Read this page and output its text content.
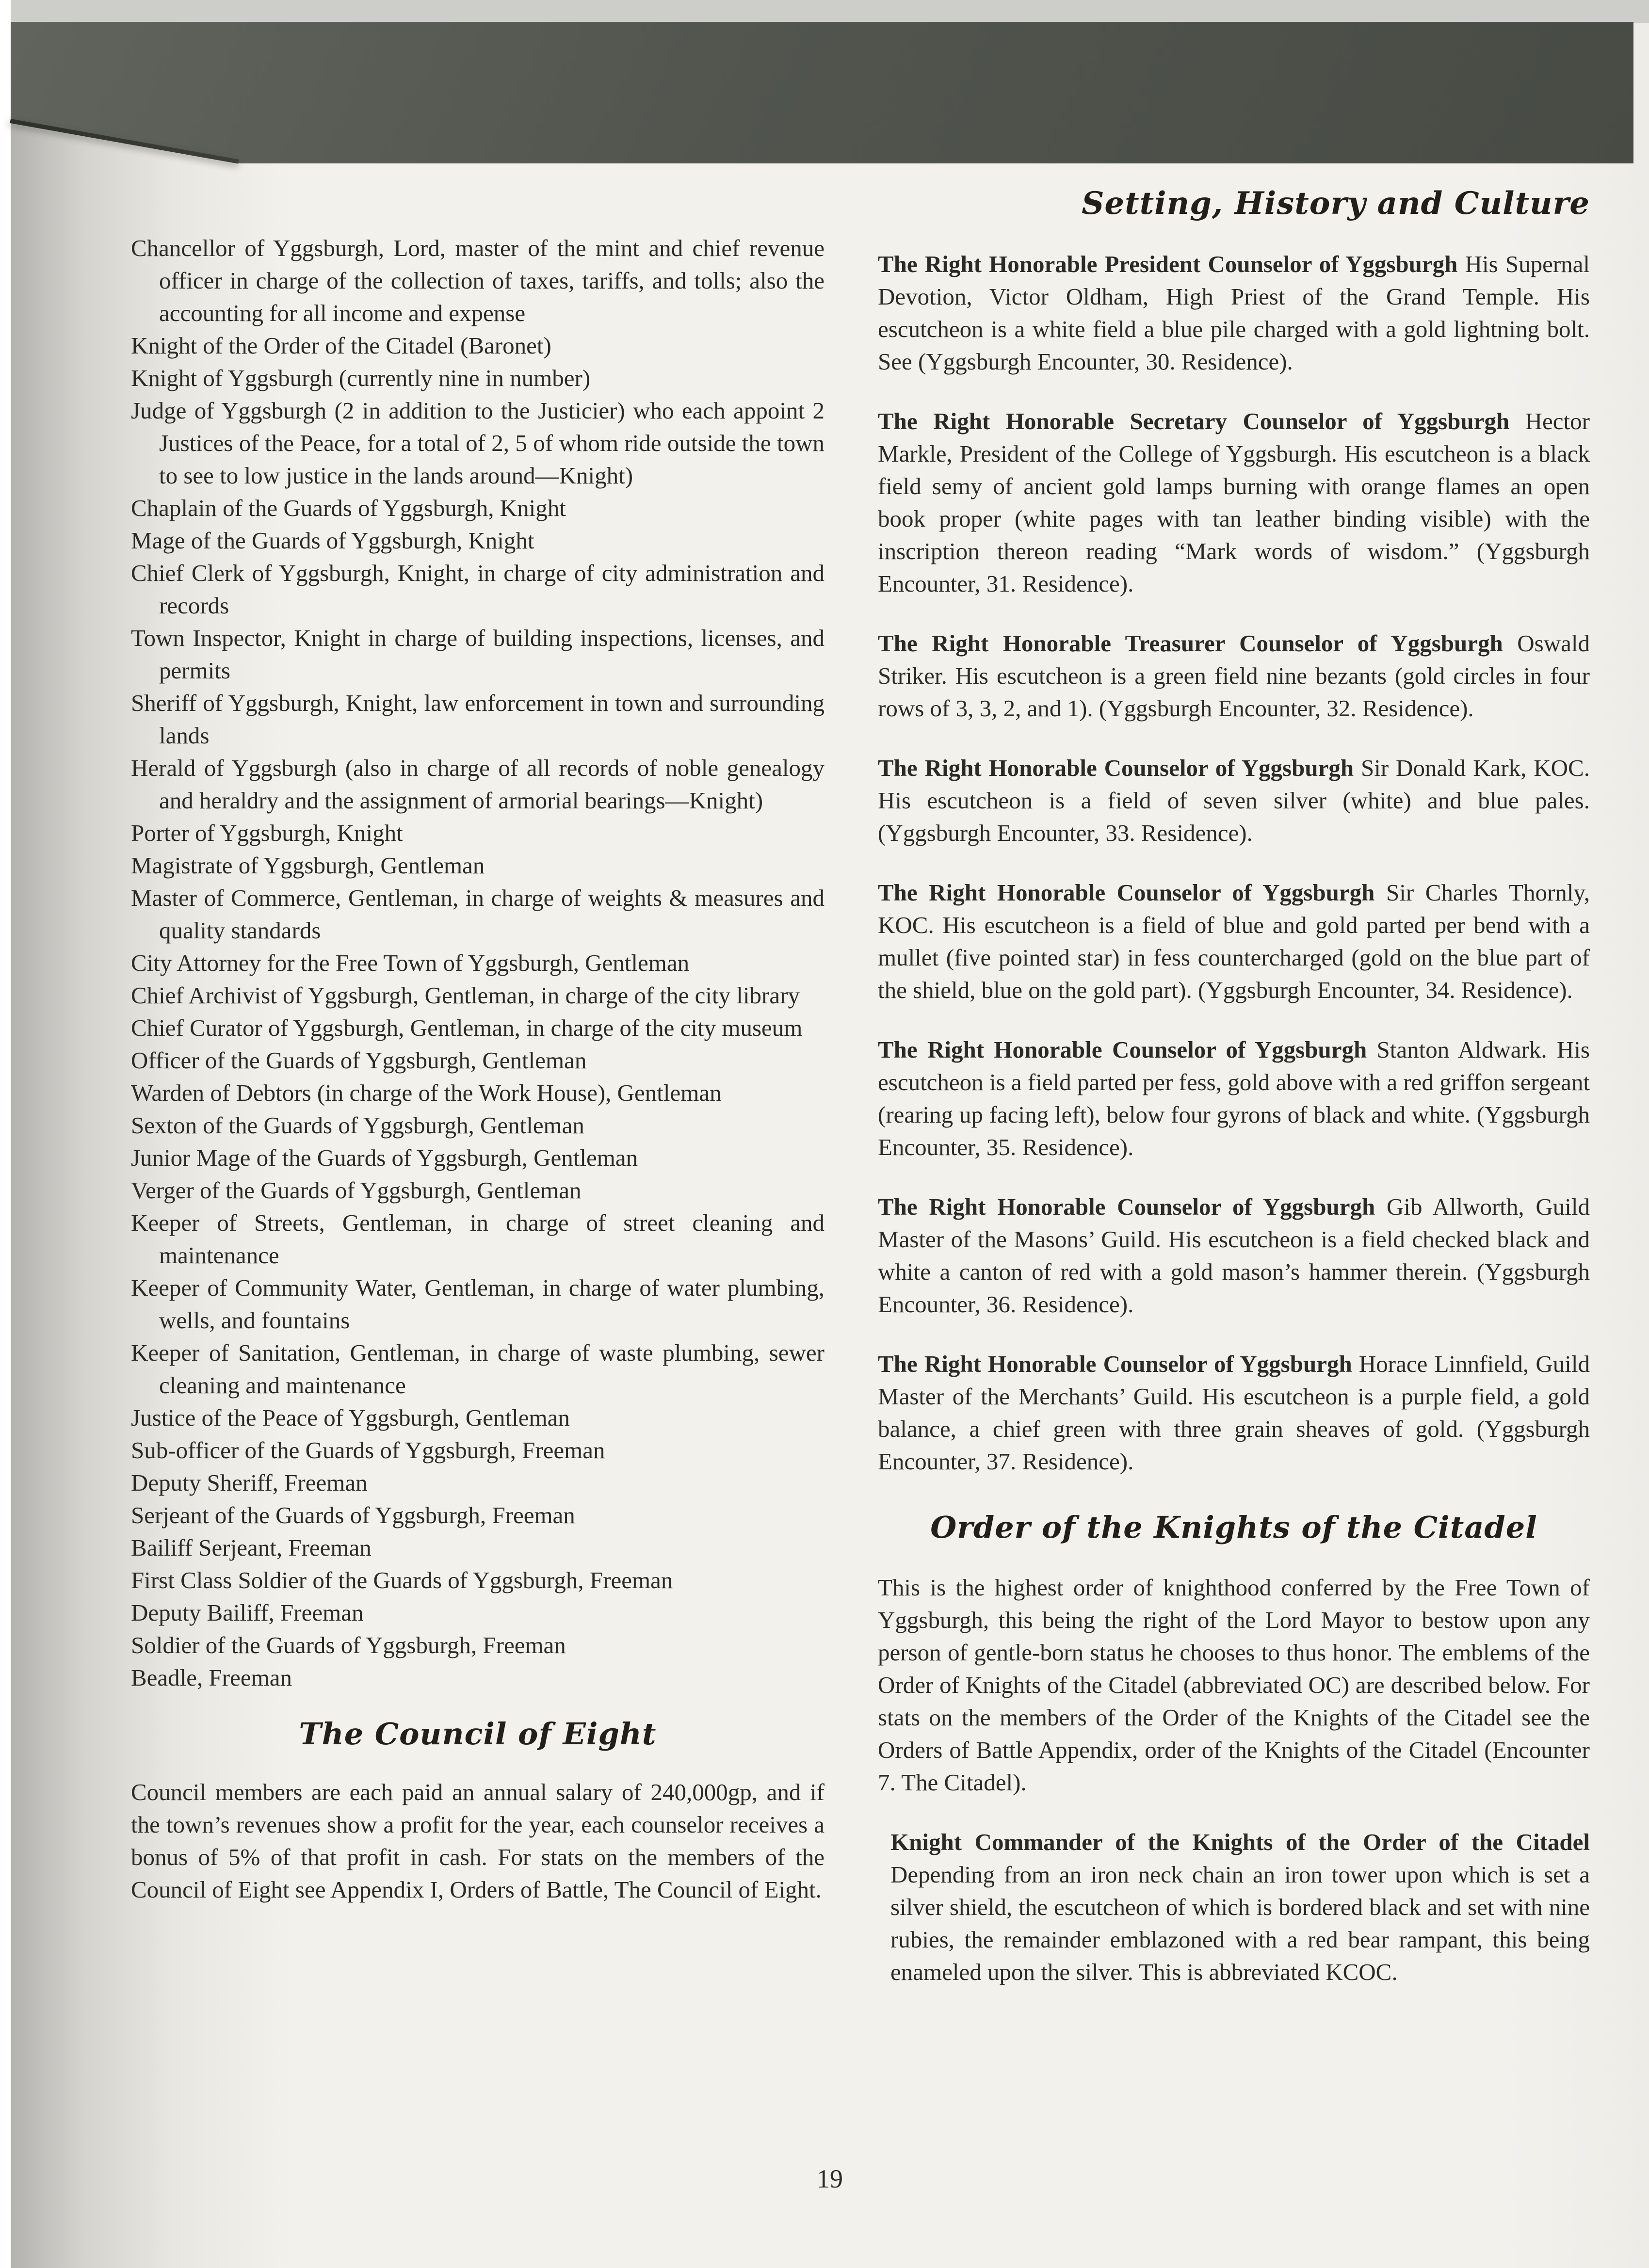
Chancellor of Yggsburgh, Lord, master of the mint and chief revenue officer in charge of the collection of taxes, tariffs, and tolls; also the accounting for all income and expense
Knight of the Order of the Citadel (Baronet)
Knight of Yggsburgh (currently nine in number)
Judge of Yggsburgh (2 in addition to the Justicier) who each appoint 2 Justices of the Peace, for a total of 2, 5 of whom ride outside the town to see to low justice in the lands around—Knight)
Chaplain of the Guards of Yggsburgh, Knight
Mage of the Guards of Yggsburgh, Knight
Chief Clerk of Yggsburgh, Knight, in charge of city administration and records
Town Inspector, Knight in charge of building inspections, licenses, and permits
Sheriff of Yggsburgh, Knight, law enforcement in town and surrounding lands
Herald of Yggsburgh (also in charge of all records of noble genealogy and heraldry and the assignment of armorial bearings—Knight)
Porter of Yggsburgh, Knight
Magistrate of Yggsburgh, Gentleman
Master of Commerce, Gentleman, in charge of weights & measures and quality standards
City Attorney for the Free Town of Yggsburgh, Gentleman
Chief Archivist of Yggsburgh, Gentleman, in charge of the city library
Chief Curator of Yggsburgh, Gentleman, in charge of the city museum
Officer of the Guards of Yggsburgh, Gentleman
Warden of Debtors (in charge of the Work House), Gentleman
Sexton of the Guards of Yggsburgh, Gentleman
Junior Mage of the Guards of Yggsburgh, Gentleman
Verger of the Guards of Yggsburgh, Gentleman
Keeper of Streets, Gentleman, in charge of street cleaning and maintenance
Keeper of Community Water, Gentleman, in charge of water plumbing, wells, and fountains
Keeper of Sanitation, Gentleman, in charge of waste plumbing, sewer cleaning and maintenance
Justice of the Peace of Yggsburgh, Gentleman
Sub-officer of the Guards of Yggsburgh, Freeman
Deputy Sheriff, Freeman
Serjeant of the Guards of Yggsburgh, Freeman
Bailiff Serjeant, Freeman
First Class Soldier of the Guards of Yggsburgh, Freeman
Deputy Bailiff, Freeman
Soldier of the Guards of Yggsburgh, Freeman
Beadle, Freeman
The Council of Eight

Council members are each paid an annual salary of 240,000gp, and if the town’s revenues show a profit for the year, each counselor receives a bonus of 5% of that profit in cash. For stats on the members of the Council of Eight see Appendix I, Orders of Battle, The Council of Eight.

Setting, History and Culture

The Right Honorable President Counselor of Yggsburgh His Supernal Devotion, Victor Oldham, High Priest of the Grand Temple. His escutcheon is a white field a blue pile charged with a gold lightning bolt. See (Yggsburgh Encounter, 30. Residence).

The Right Honorable Secretary Counselor of Yggsburgh Hector Markle, President of the College of Yggsburgh. His escutcheon is a black field semy of ancient gold lamps burning with orange flames an open book proper (white pages with tan leather binding visible) with the inscription thereon reading “Mark words of wisdom.” (Yggsburgh Encounter, 31. Residence).

The Right Honorable Treasurer Counselor of Yggsburgh Oswald Striker. His escutcheon is a green field nine bezants (gold circles in four rows of 3, 3, 2, and 1). (Yggsburgh Encounter, 32. Residence).

The Right Honorable Counselor of Yggsburgh Sir Donald Kark, KOC. His escutcheon is a field of seven silver (white) and blue pales. (Yggsburgh Encounter, 33. Residence).

The Right Honorable Counselor of Yggsburgh Sir Charles Thornly, KOC. His escutcheon is a field of blue and gold parted per bend with a mullet (five pointed star) in fess countercharged (gold on the blue part of the shield, blue on the gold part). (Yggsburgh Encounter, 34. Residence).

The Right Honorable Counselor of Yggsburgh Stanton Aldwark. His escutcheon is a field parted per fess, gold above with a red griffon sergeant (rearing up facing left), below four gyrons of black and white. (Yggsburgh Encounter, 35. Residence).

The Right Honorable Counselor of Yggsburgh Gib Allworth, Guild Master of the Masons’ Guild. His escutcheon is a field checked black and white a canton of red with a gold mason’s hammer therein. (Yggsburgh Encounter, 36. Residence).

The Right Honorable Counselor of Yggsburgh Horace Linnfield, Guild Master of the Merchants’ Guild. His escutcheon is a purple field, a gold balance, a chief green with three grain sheaves of gold. (Yggsburgh Encounter, 37. Residence).

Order of the Knights of the Citadel

This is the highest order of knighthood conferred by the Free Town of Yggsburgh, this being the right of the Lord Mayor to bestow upon any person of gentle-born status he chooses to thus honor. The emblems of the Order of Knights of the Citadel (abbreviated OC) are described below. For stats on the members of the Order of the Knights of the Citadel see the Orders of Battle Appendix, order of the Knights of the Citadel (Encounter 7. The Citadel).

Knight Commander of the Knights of the Order of the Citadel Depending from an iron neck chain an iron tower upon which is set a silver shield, the escutcheon of which is bordered black and set with nine rubies, the remainder emblazoned with a red bear rampant, this being enameled upon the silver. This is abbreviated KCOC.

19
